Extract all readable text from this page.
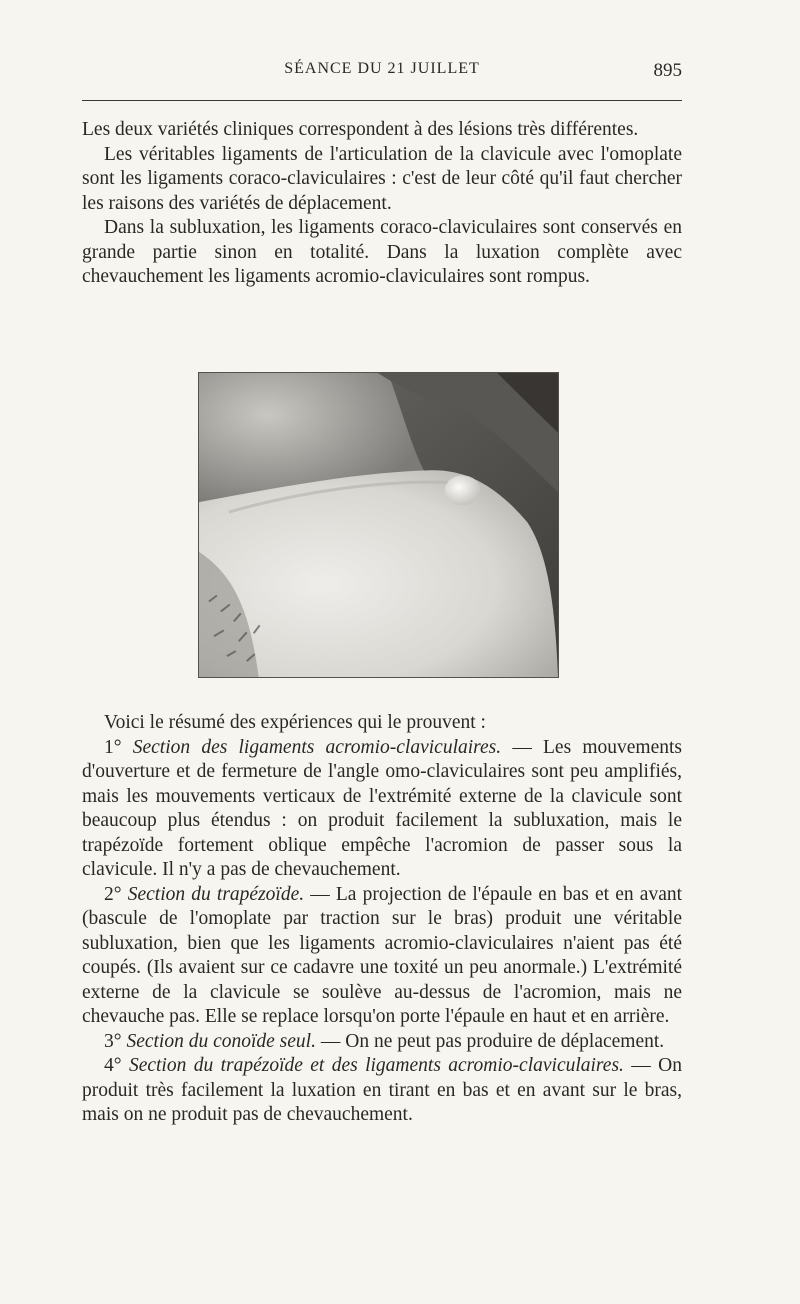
SÉANCE DU 21 JUILLET	895

Les deux variétés cliniques correspondent à des lésions très différentes.

Les véritables ligaments de l'articulation de la clavicule avec l'omoplate sont les ligaments coraco-claviculaires : c'est de leur côté qu'il faut chercher les raisons des variétés de déplacement.

Dans la subluxation, les ligaments coraco-claviculaires sont conservés en grande partie sinon en totalité. Dans la luxation complète avec chevauchement les ligaments acromio-claviculaires sont rompus.

Voici le résumé des expériences qui le prouvent :

1° Section des ligaments acromio-claviculaires. — Les mouvements d'ouverture et de fermeture de l'angle omo-claviculaires sont peu amplifiés, mais les mouvements verticaux de l'extrémité externe de la clavicule sont beaucoup plus étendus : on produit facilement la subluxation, mais le trapézoïde fortement oblique empêche l'acromion de passer sous la clavicule. Il n'y a pas de chevauchement.

2° Section du trapézoïde. — La projection de l'épaule en bas et en avant (bascule de l'omoplate par traction sur le bras) produit une véritable subluxation, bien que les ligaments acromio-claviculaires n'aient pas été coupés. (Ils avaient sur ce cadavre une toxité un peu anormale.) L'extrémité externe de la clavicule se soulève au-dessus de l'acromion, mais ne chevauche pas. Elle se replace lorsqu'on porte l'épaule en haut et en arrière.

3° Section du conoïde seul. — On ne peut pas produire de déplacement.

4° Section du trapézoïde et des ligaments acromio-claviculaires. — On produit très facilement la luxation en tirant en bas et en avant sur le bras, mais on ne produit pas de chevauchement.
